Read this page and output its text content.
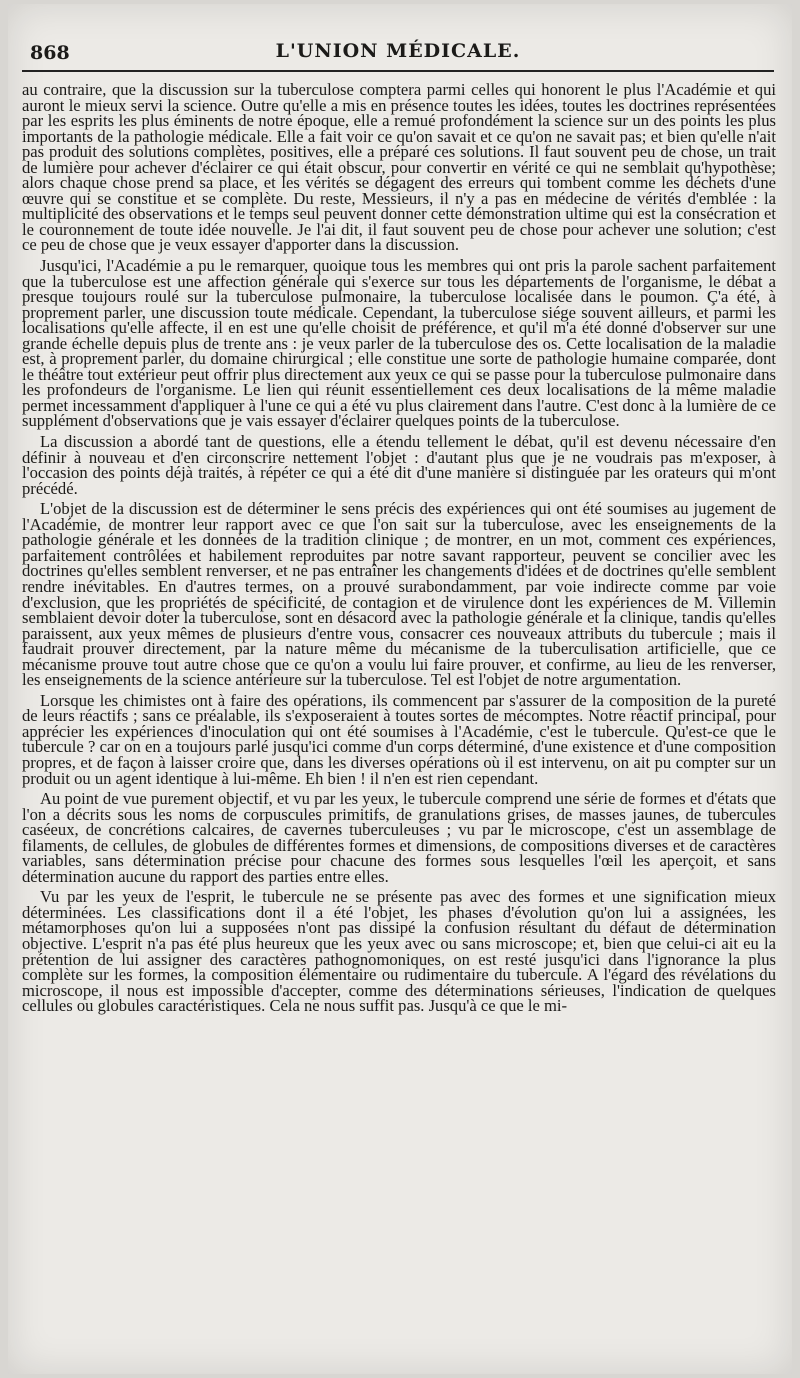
868	L'UNION MÉDICALE.

au contraire, que la discussion sur la tuberculose comptera parmi celles qui honorent le plus l'Académie et qui auront le mieux servi la science. Outre qu'elle a mis en présence toutes les idées, toutes les doctrines représentées par les esprits les plus éminents de notre époque, elle a remué profondément la science sur un des points les plus importants de la pathologie médicale. Elle a fait voir ce qu'on savait et ce qu'on ne savait pas; et bien qu'elle n'ait pas produit des solutions complètes, positives, elle a préparé ces solutions. Il faut souvent peu de chose, un trait de lumière pour achever d'éclairer ce qui était obscur, pour convertir en vérité ce qui ne semblait qu'hypothèse; alors chaque chose prend sa place, et les vérités se dégagent des erreurs qui tombent comme les déchets d'une œuvre qui se constitue et se complète. Du reste, Messieurs, il n'y a pas en médecine de vérités d'emblée : la multiplicité des observations et le temps seul peuvent donner cette démonstration ultime qui est la consécration et le couronnement de toute idée nouvelle. Je l'ai dit, il faut souvent peu de chose pour achever une solution; c'est ce peu de chose que je veux essayer d'apporter dans la discussion.

Jusqu'ici, l'Académie a pu le remarquer, quoique tous les membres qui ont pris la parole sachent parfaitement que la tuberculose est une affection générale qui s'exerce sur tous les départements de l'organisme, le débat a presque toujours roulé sur la tuberculose pulmonaire, la tuberculose localisée dans le poumon. Ç'a été, à proprement parler, une discussion toute médicale. Cependant, la tuberculose siége souvent ailleurs, et parmi les localisations qu'elle affecte, il en est une qu'elle choisit de préférence, et qu'il m'a été donné d'observer sur une grande échelle depuis plus de trente ans : je veux parler de la tuberculose des os. Cette localisation de la maladie est, à proprement parler, du domaine chirurgical ; elle constitue une sorte de pathologie humaine comparée, dont le théâtre tout extérieur peut offrir plus directement aux yeux ce qui se passe pour la tuberculose pulmonaire dans les profondeurs de l'organisme. Le lien qui réunit essentiellement ces deux localisations de la même maladie permet incessamment d'appliquer à l'une ce qui a été vu plus clairement dans l'autre. C'est donc à la lumière de ce supplément d'observations que je vais essayer d'éclairer quelques points de la tuberculose.

La discussion a abordé tant de questions, elle a étendu tellement le débat, qu'il est devenu nécessaire d'en définir à nouveau et d'en circonscrire nettement l'objet : d'autant plus que je ne voudrais pas m'exposer, à l'occasion des points déjà traités, à répéter ce qui a été dit d'une manière si distinguée par les orateurs qui m'ont précédé.

L'objet de la discussion est de déterminer le sens précis des expériences qui ont été soumises au jugement de l'Académie, de montrer leur rapport avec ce que l'on sait sur la tuberculose, avec les enseignements de la pathologie générale et les données de la tradition clinique ; de montrer, en un mot, comment ces expériences, parfaitement contrôlées et habilement reproduites par notre savant rapporteur, peuvent se concilier avec les doctrines qu'elles semblent renverser, et ne pas entraîner les changements d'idées et de doctrines qu'elle semblent rendre inévitables. En d'autres termes, on a prouvé surabondamment, par voie indirecte comme par voie d'exclusion, que les propriétés de spécificité, de contagion et de virulence dont les expériences de M. Villemin semblaient devoir doter la tuberculose, sont en désacord avec la pathologie générale et la clinique, tandis qu'elles paraissent, aux yeux mêmes de plusieurs d'entre vous, consacrer ces nouveaux attributs du tubercule ; mais il faudrait prouver directement, par la nature même du mécanisme de la tuberculisation artificielle, que ce mécanisme prouve tout autre chose que ce qu'on a voulu lui faire prouver, et confirme, au lieu de les renverser, les enseignements de la science antérieure sur la tuberculose. Tel est l'objet de notre argumentation.

Lorsque les chimistes ont à faire des opérations, ils commencent par s'assurer de la composition de la pureté de leurs réactifs ; sans ce préalable, ils s'exposeraient à toutes sortes de mécomptes. Notre réactif principal, pour apprécier les expériences d'inoculation qui ont été soumises à l'Académie, c'est le tubercule. Qu'est-ce que le tubercule ? car on en a toujours parlé jusqu'ici comme d'un corps déterminé, d'une existence et d'une composition propres, et de façon à laisser croire que, dans les diverses opérations où il est intervenu, on ait pu compter sur un produit ou un agent identique à lui-même. Eh bien ! il n'en est rien cependant.

Au point de vue purement objectif, et vu par les yeux, le tubercule comprend une série de formes et d'états que l'on a décrits sous les noms de corpuscules primitifs, de granulations grises, de masses jaunes, de tubercules caséeux, de concrétions calcaires, de cavernes tuberculeuses ; vu par le microscope, c'est un assemblage de filaments, de cellules, de globules de différentes formes et dimensions, de compositions diverses et de caractères variables, sans détermination précise pour chacune des formes sous lesquelles l'œil les aperçoit, et sans détermination aucune du rapport des parties entre elles.

Vu par les yeux de l'esprit, le tubercule ne se présente pas avec des formes et une signification mieux déterminées. Les classifications dont il a été l'objet, les phases d'évolution qu'on lui a assignées, les métamorphoses qu'on lui a supposées n'ont pas dissipé la confusion résultant du défaut de détermination objective. L'esprit n'a pas été plus heureux que les yeux avec ou sans microscope; et, bien que celui-ci ait eu la prétention de lui assigner des caractères pathognomoniques, on est resté jusqu'ici dans l'ignorance la plus complète sur les formes, la composition élémentaire ou rudimentaire du tubercule. A l'égard des révélations du microscope, il nous est impossible d'accepter, comme des déterminations sérieuses, l'indication de quelques cellules ou globules caractéristiques. Cela ne nous suffit pas. Jusqu'à ce que le mi-
